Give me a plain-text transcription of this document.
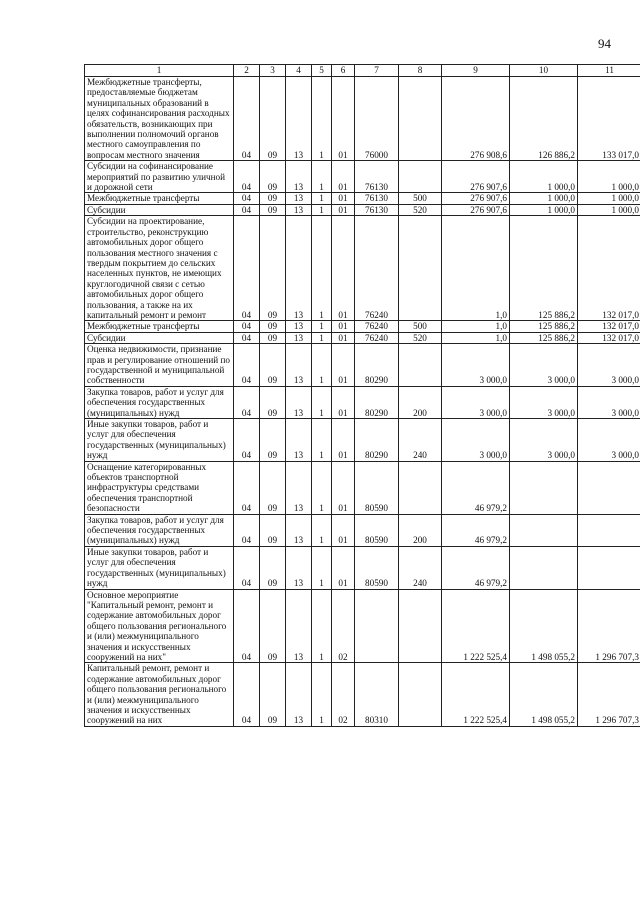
94
1	2	3	4	5	6	7	8	9	10	11
Межбюджетные трансферты, предоставляемые бюджетам муниципальных образований в целях софинансирования расходных обязательств, возникающих при выполнении полномочий органов местного самоуправления по вопросам местного значения	04	09	13	1	01	76000		276 908,6	126 886,2	133 017,0
Субсидии на софинансирование мероприятий по развитию уличной и дорожной сети	04	09	13	1	01	76130		276 907,6	1 000,0	1 000,0
Межбюджетные трансферты	04	09	13	1	01	76130	500	276 907,6	1 000,0	1 000,0
Субсидии	04	09	13	1	01	76130	520	276 907,6	1 000,0	1 000,0
Субсидии на проектирование, строительство, реконструкцию автомобильных дорог общего пользования местного значения с твердым покрытием до сельских населенных пунктов, не имеющих круглогодичной связи с сетью автомобильных дорог общего пользования, а также на их капитальный ремонт и ремонт	04	09	13	1	01	76240		1,0	125 886,2	132 017,0
Межбюджетные трансферты	04	09	13	1	01	76240	500	1,0	125 886,2	132 017,0
Субсидии	04	09	13	1	01	76240	520	1,0	125 886,2	132 017,0
Оценка недвижимости, признание прав и регулирование отношений по государственной и муниципальной собственности	04	09	13	1	01	80290		3 000,0	3 000,0	3 000,0
Закупка товаров, работ и услуг для обеспечения государственных (муниципальных) нужд	04	09	13	1	01	80290	200	3 000,0	3 000,0	3 000,0
Иные закупки товаров, работ и услуг для обеспечения государственных (муниципальных) нужд	04	09	13	1	01	80290	240	3 000,0	3 000,0	3 000,0
Оснащение категорированных объектов транспортной инфраструктуры средствами обеспечения транспортной безопасности	04	09	13	1	01	80590		46 979,2		
Закупка товаров, работ и услуг для обеспечения государственных (муниципальных) нужд	04	09	13	1	01	80590	200	46 979,2		
Иные закупки товаров, работ и услуг для обеспечения государственных (муниципальных) нужд	04	09	13	1	01	80590	240	46 979,2		
Основное мероприятие "Капитальный ремонт, ремонт и содержание автомобильных дорог общего пользования регионального и (или) межмуниципального значения и искусственных сооружений на них"	04	09	13	1	02			1 222 525,4	1 498 055,2	1 296 707,3
Капитальный ремонт, ремонт и содержание автомобильных дорог общего пользования регионального и (или) межмуниципального значения и искусственных сооружений на них	04	09	13	1	02	80310		1 222 525,4	1 498 055,2	1 296 707,3
